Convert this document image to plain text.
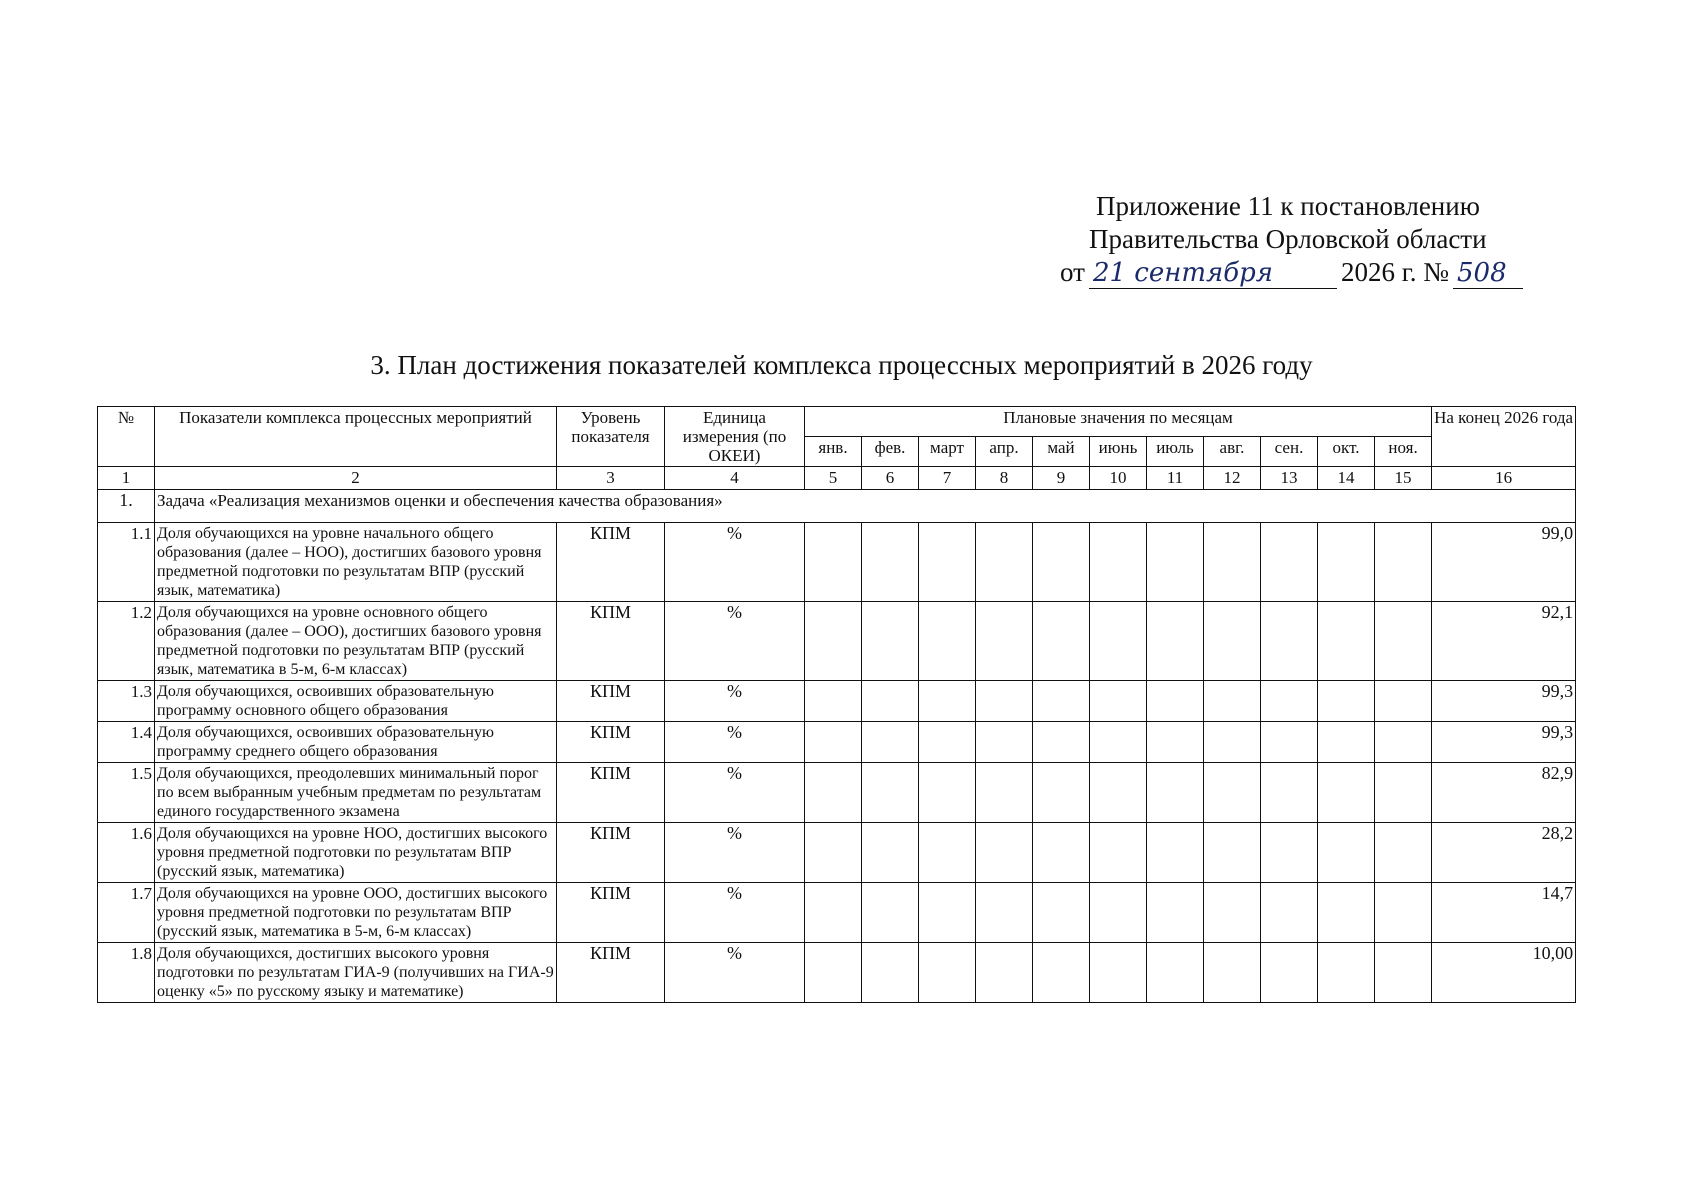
Приложение 11 к постановлению
Правительства Орловской области
от 21 сентября	2026 г. № 508
3. План достижения показателей комплекса процессных мероприятий в 2026 году
№	Показатели комплекса процессных мероприятий	Уровень показателя	Единица измерения (по ОКЕИ)	Плановые значения по месяцам											На конец 2026 года
				янв.	фев.	март	апр.	май	июнь	июль	авг.	сен.	окт.	ноя.	
1	2	3	4	5	6	7	8	9	10	11	12	13	14	15	16
1.	Задача «Реализация механизмов оценки и обеспечения качества образования»														
1.1	Доля обучающихся на уровне начального общего образования (далее – НОО), достигших базового уровня предметной подготовки по результатам ВПР (русский язык, математика)	КПМ	%												99,0
1.2	Доля обучающихся на уровне основного общего образования (далее – ООО), достигших базового уровня предметной подготовки по результатам ВПР (русский язык, математика в 5-м, 6-м классах)	КПМ	%												92,1
1.3	Доля обучающихся, освоивших образовательную программу основного общего образования	КПМ	%												99,3
1.4	Доля обучающихся, освоивших образовательную программу среднего общего образования	КПМ	%												99,3
1.5	Доля обучающихся, преодолевших минимальный порог по всем выбранным учебным предметам по результатам единого государственного экзамена	КПМ	%												82,9
1.6	Доля обучающихся на уровне НОО, достигших высокого уровня предметной подготовки по результатам ВПР (русский язык, математика)	КПМ	%												28,2
1.7	Доля обучающихся на уровне ООО, достигших высокого уровня предметной подготовки по результатам ВПР (русский язык, математика в 5-м, 6-м классах)	КПМ	%												14,7
1.8	Доля обучающихся, достигших высокого уровня подготовки по результатам ГИА-9 (получивших на ГИА-9 оценку «5» по русскому языку и математике)	КПМ	%												10,00
